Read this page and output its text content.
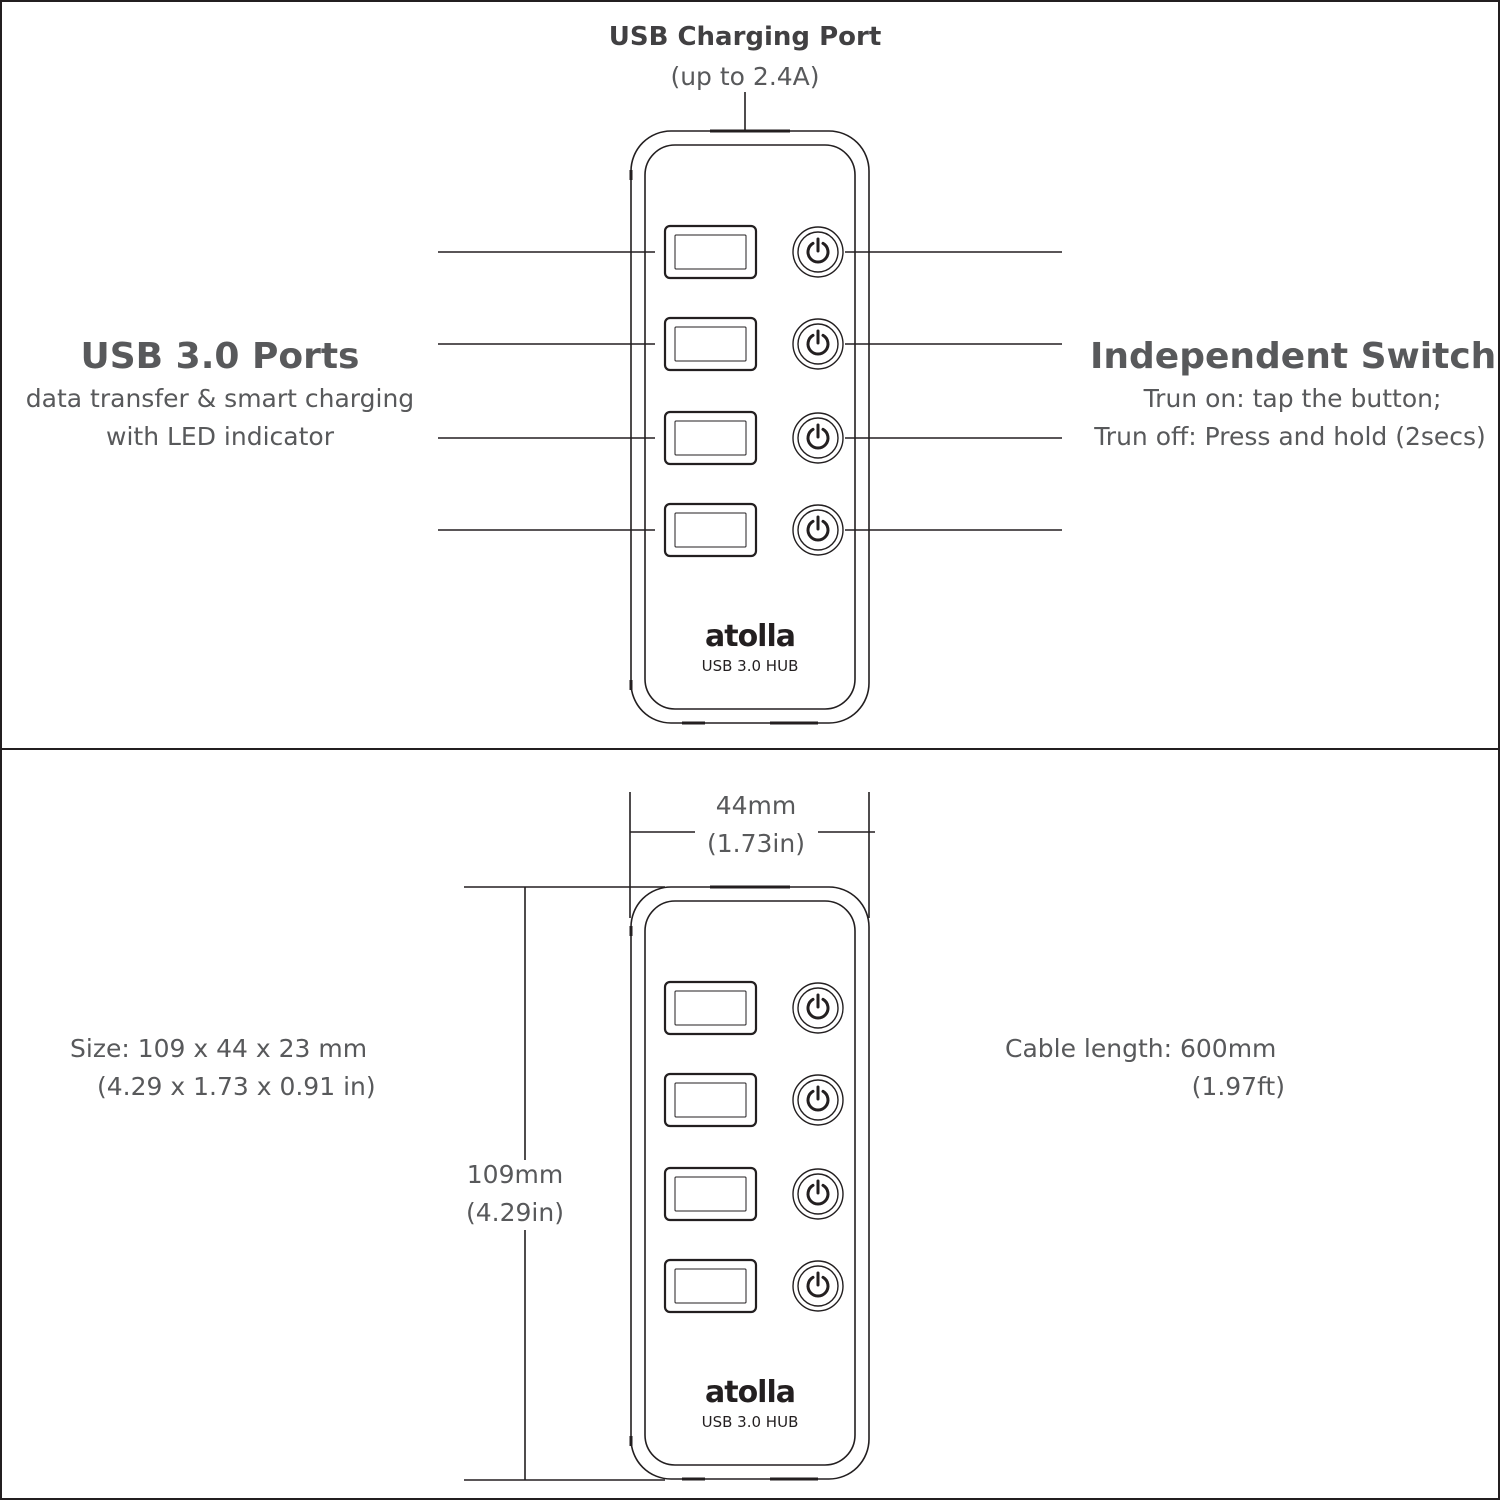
USB Charging Port
(up to 2.4A)
USB 3.0 Ports
data transfer & smart charging
with LED indicator
Independent Switch
Trun on: tap the button;
Trun off: Press and hold (2secs)
atolla
USB 3.0 HUB
44mm
(1.73in)
109mm
(4.29in)
Size: 109 x 44 x 23 mm
(4.29 x 1.73 x 0.91 in)
Cable length: 600mm
(1.97ft)
atolla
USB 3.0 HUB
